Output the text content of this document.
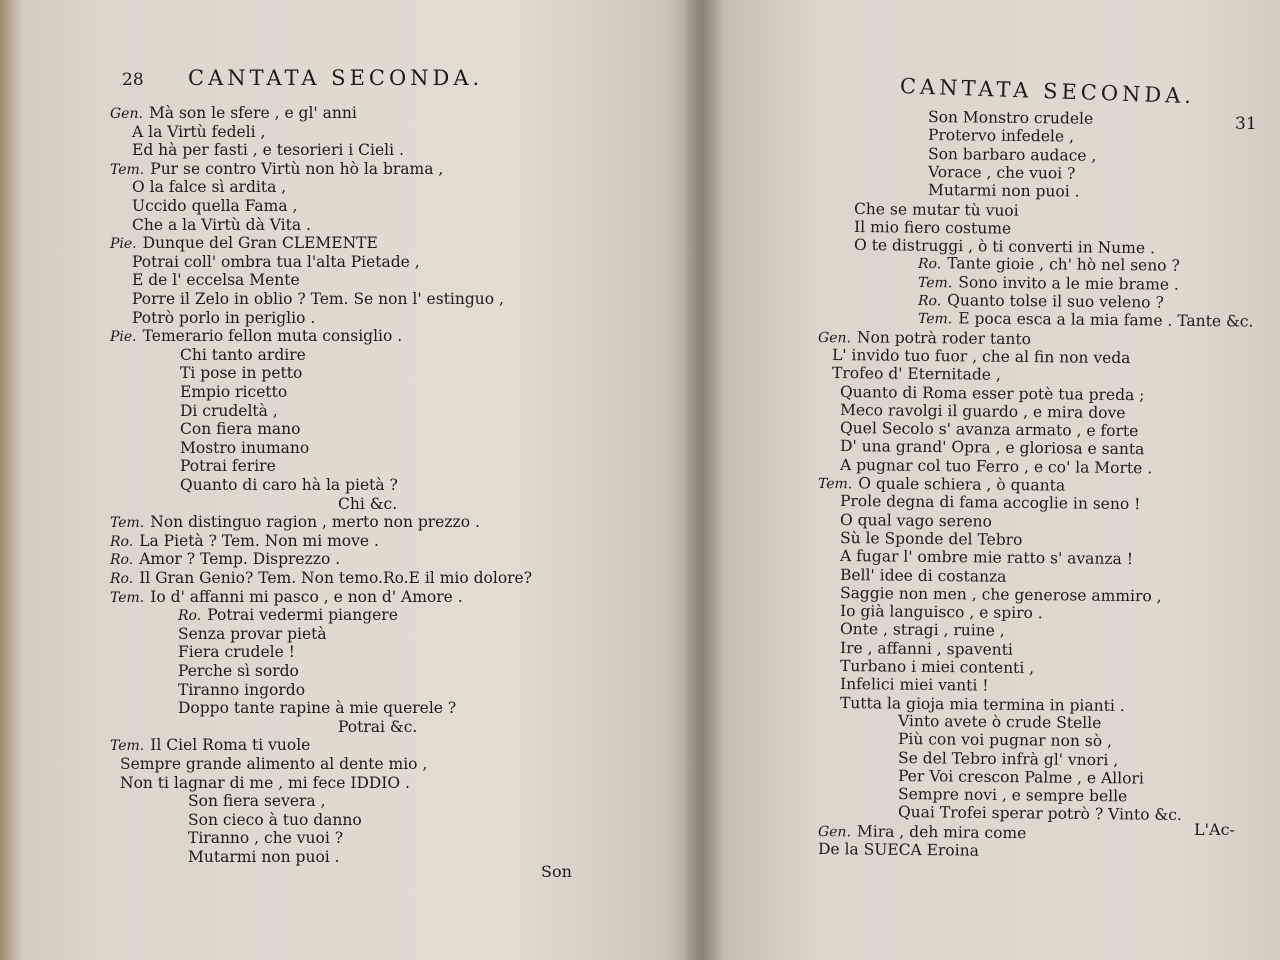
28 CANTATA SECONDA.
Gen. Mà son le sfere , e gl' anni
A la Virtù fedeli ,
Ed hà per fasti , e tesorieri i Cieli .
Tem. Pur se contro Virtù non hò la brama ,
O la falce sì ardita ,
Uccido quella Fama ,
Che a la Virtù dà Vita .
Pie. Dunque del Gran CLEMENTE
Potrai coll' ombra tua l'alta Pietade ,
E de l' eccelsa Mente
Porre il Zelo in oblio ? Tem. Se non l' estinguo ,
Potrò porlo in periglio .
Pie. Temerario fellon muta consiglio .
Chi tanto ardire
Ti pose in petto
Empio ricetto
Di crudeltà ,
Con fiera mano
Mostro inumano
Potrai ferire
Quanto di caro hà la pietà ?
Chi &c.
Tem. Non distinguo ragion , merto non prezzo .
Ro. La Pietà ? Tem. Non mi move .
Ro. Amor ? Temp. Disprezzo .
Ro. Il Gran Genio? Tem. Non temo.Ro.E il mio dolore?
Tem. Io d' affanni mi pasco , e non d' Amore .
Ro. Potrai vedermi piangere
Senza provar pietà
Fiera crudele !
Perche sì sordo
Tiranno ingordo
Doppo tante rapine à mie querele ?
Potrai &c.
Tem. Il Ciel Roma ti vuole
Sempre grande alimento al dente mio ,
Non ti lagnar di me , mi fece IDDIO .
Son fiera severa ,
Son cieco à tuo danno
Tiranno , che vuoi ?
Mutarmi non puoi .
Son
CANTATA SECONDA.
31
Son Monstro crudele
Protervo infedele ,
Son barbaro audace ,
Vorace , che vuoi ?
Mutarmi non puoi .
Che se mutar tù vuoi
Il mio fiero costume
O te distruggi , ò ti converti in Nume .
Ro. Tante gioie , ch' hò nel seno ?
Tem. Sono invito a le mie brame .
Ro. Quanto tolse il suo veleno ?
Tem. E poca esca a la mia fame . Tante &c.
Gen. Non potrà roder tanto
L' invido tuo fuor , che al fin non veda
Trofeo d' Eternitade ,
Quanto di Roma esser potè tua preda ;
Meco ravolgi il guardo , e mira dove
Quel Secolo s' avanza armato , e forte
D' una grand' Opra , e gloriosa e santa
A pugnar col tuo Ferro , e co' la Morte .
Tem. O quale schiera , ò quanta
Prole degna di fama accoglie in seno !
O qual vago sereno
Sù le Sponde del Tebro
A fugar l' ombre mie ratto s' avanza !
Bell' idee di costanza
Saggie non men , che generose ammiro ,
Io già languisco , e spiro .
Onte , stragi , ruine ,
Ire , affanni , spaventi
Turbano i miei contenti ,
Infelici miei vanti !
Tutta la gioja mia termina in pianti .
Vinto avete ò crude Stelle
Più con voi pugnar non sò ,
Se del Tebro infrà gl' vnori ,
Per Voi crescon Palme , e Allori
Sempre novi , e sempre belle
Quai Trofei sperar potrò ? Vinto &c.
Gen. Mira , deh mira come
De la SUECA Eroina
L'Ac-
